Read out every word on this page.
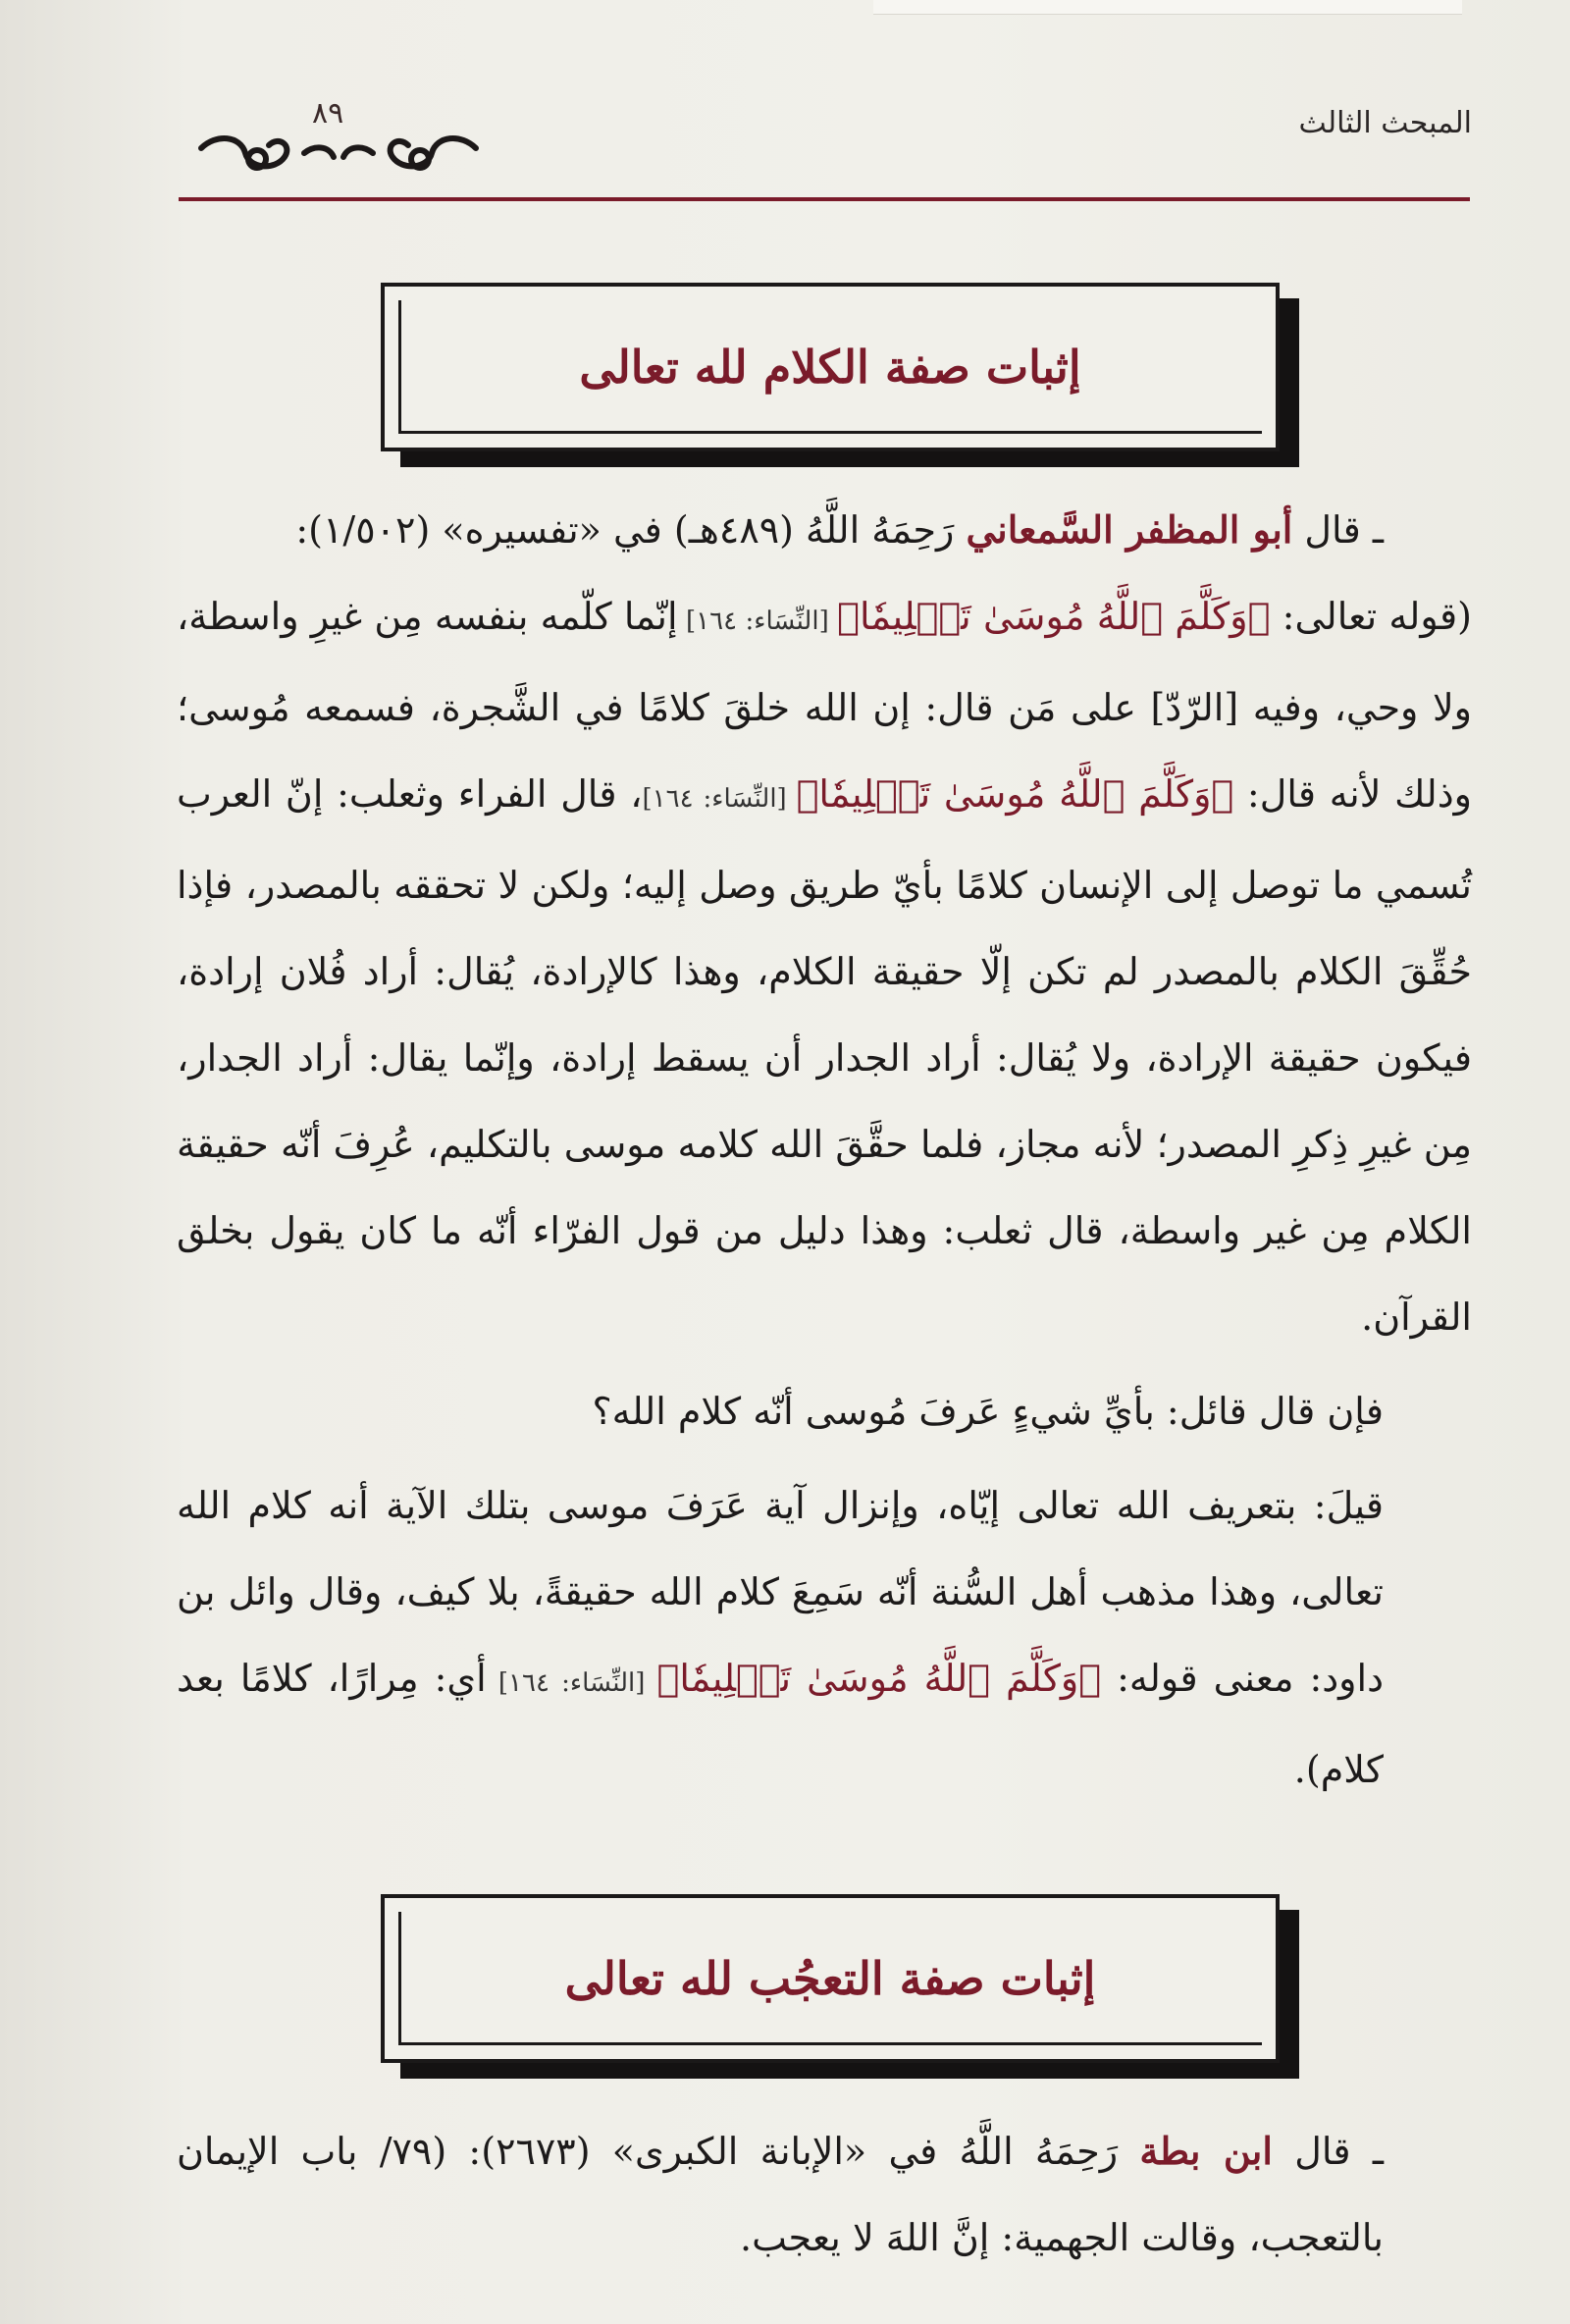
المبحث الثالث
٨٩
إثبات صفة الكلام لله تعالى

ـ قال أبو المظفر السَّمعاني رَحِمَهُ اللَّهُ (٤٨٩هـ) في «تفسيره» (١/٥٠٢):

(قوله تعالى: ﴿وَكَلَّمَ ٱللَّهُ مُوسَىٰ تَكۡلِيمٗا﴾ [النِّسَاء: ١٦٤] إنّما كلّمه بنفسه مِن غيرِ واسطة، ولا وحي، وفيه [الرّدّ] على مَن قال: إن الله خلقَ كلامًا في الشَّجرة، فسمعه مُوسى؛ وذلك لأنه قال: ﴿وَكَلَّمَ ٱللَّهُ مُوسَىٰ تَكۡلِيمٗا﴾ [النِّسَاء: ١٦٤]، قال الفراء وثعلب: إنّ العرب تُسمي ما توصل إلى الإنسان كلامًا بأيّ طريق وصل إليه؛ ولكن لا تحققه بالمصدر، فإذا حُقِّقَ الكلام بالمصدر لم تكن إلّا حقيقة الكلام، وهذا كالإرادة، يُقال: أراد فُلان إرادة، فيكون حقيقة الإرادة، ولا يُقال: أراد الجدار أن يسقط إرادة، وإنّما يقال: أراد الجدار، مِن غيرِ ذِكرِ المصدر؛ لأنه مجاز، فلما حقَّقَ الله كلامه موسى بالتكليم، عُرِفَ أنّه حقيقة الكلام مِن غير واسطة، قال ثعلب: وهذا دليل من قول الفرّاء أنّه ما كان يقول بخلق القرآن.

فإن قال قائل: بأيِّ شيءٍ عَرفَ مُوسى أنّه كلام الله؟

قيلَ: بتعريف الله تعالى إيّاه، وإنزال آية عَرَفَ موسى بتلك الآية أنه كلام الله تعالى، وهذا مذهب أهل السُّنة أنّه سَمِعَ كلام الله حقيقةً، بلا كيف، وقال وائل بن داود: معنى قوله: ﴿وَكَلَّمَ ٱللَّهُ مُوسَىٰ تَكۡلِيمٗا﴾ [النِّسَاء: ١٦٤] أي: مِرارًا، كلامًا بعد كلام).

إثبات صفة التعجُب لله تعالى

ـ قال ابن بطة رَحِمَهُ اللَّهُ في «الإبانة الكبرى» (٢٦٧٣): (٧٩/ باب الإيمان بالتعجب، وقالت الجهمية: إنَّ اللهَ لا يعجب.
